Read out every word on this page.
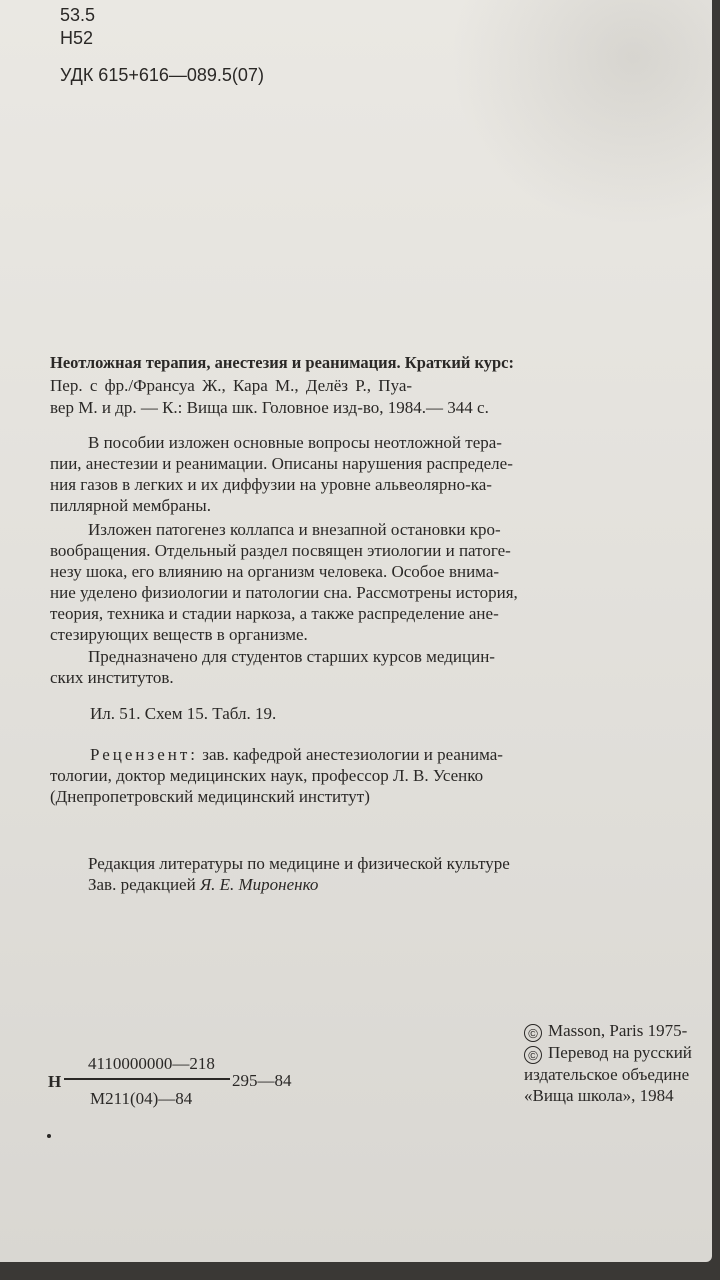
53.5
Н52
УДК 615+616—089.5(07)
Неотложная терапия, анестезия и реанимация. Краткий курс:
Пер. с фр./Франсуа Ж., Кара М., Делёз Р., Пуа-
вер М. и др. — К.: Вища шк. Головное изд-во, 1984.— 344 с.
В пособии изложен основные вопросы неотложной тера-
пии, анестезии и реанимации. Описаны нарушения распределе-
ния газов в легких и их диффузии на уровне альвеолярно-ка-
пиллярной мембраны.
Изложен патогенез коллапса и внезапной остановки кро-
вообращения. Отдельный раздел посвящен этиологии и патоге-
незу шока, его влиянию на организм человека. Особое внима-
ние уделено физиологии и патологии сна. Рассмотрены история,
теория, техника и стадии наркоза, а также распределение ане-
стезирующих веществ в организме.
Предназначено для студентов старших курсов медицин-
ских институтов.
Ил. 51. Схем 15. Табл. 19.
Рецензент: зав. кафедрой анестезиологии и реанима-
тологии, доктор медицинских наук, профессор Л. В. Усенко
(Днепропетровский медицинский институт)
Редакция литературы по медицине и физической культуре
Зав. редакцией Я. Е. Мироненко
4110000000—218
Н	295—84
М211(04)—84
© Masson, Paris 1975-
© Перевод на русский
издательское объедине
«Вища школа», 1984
